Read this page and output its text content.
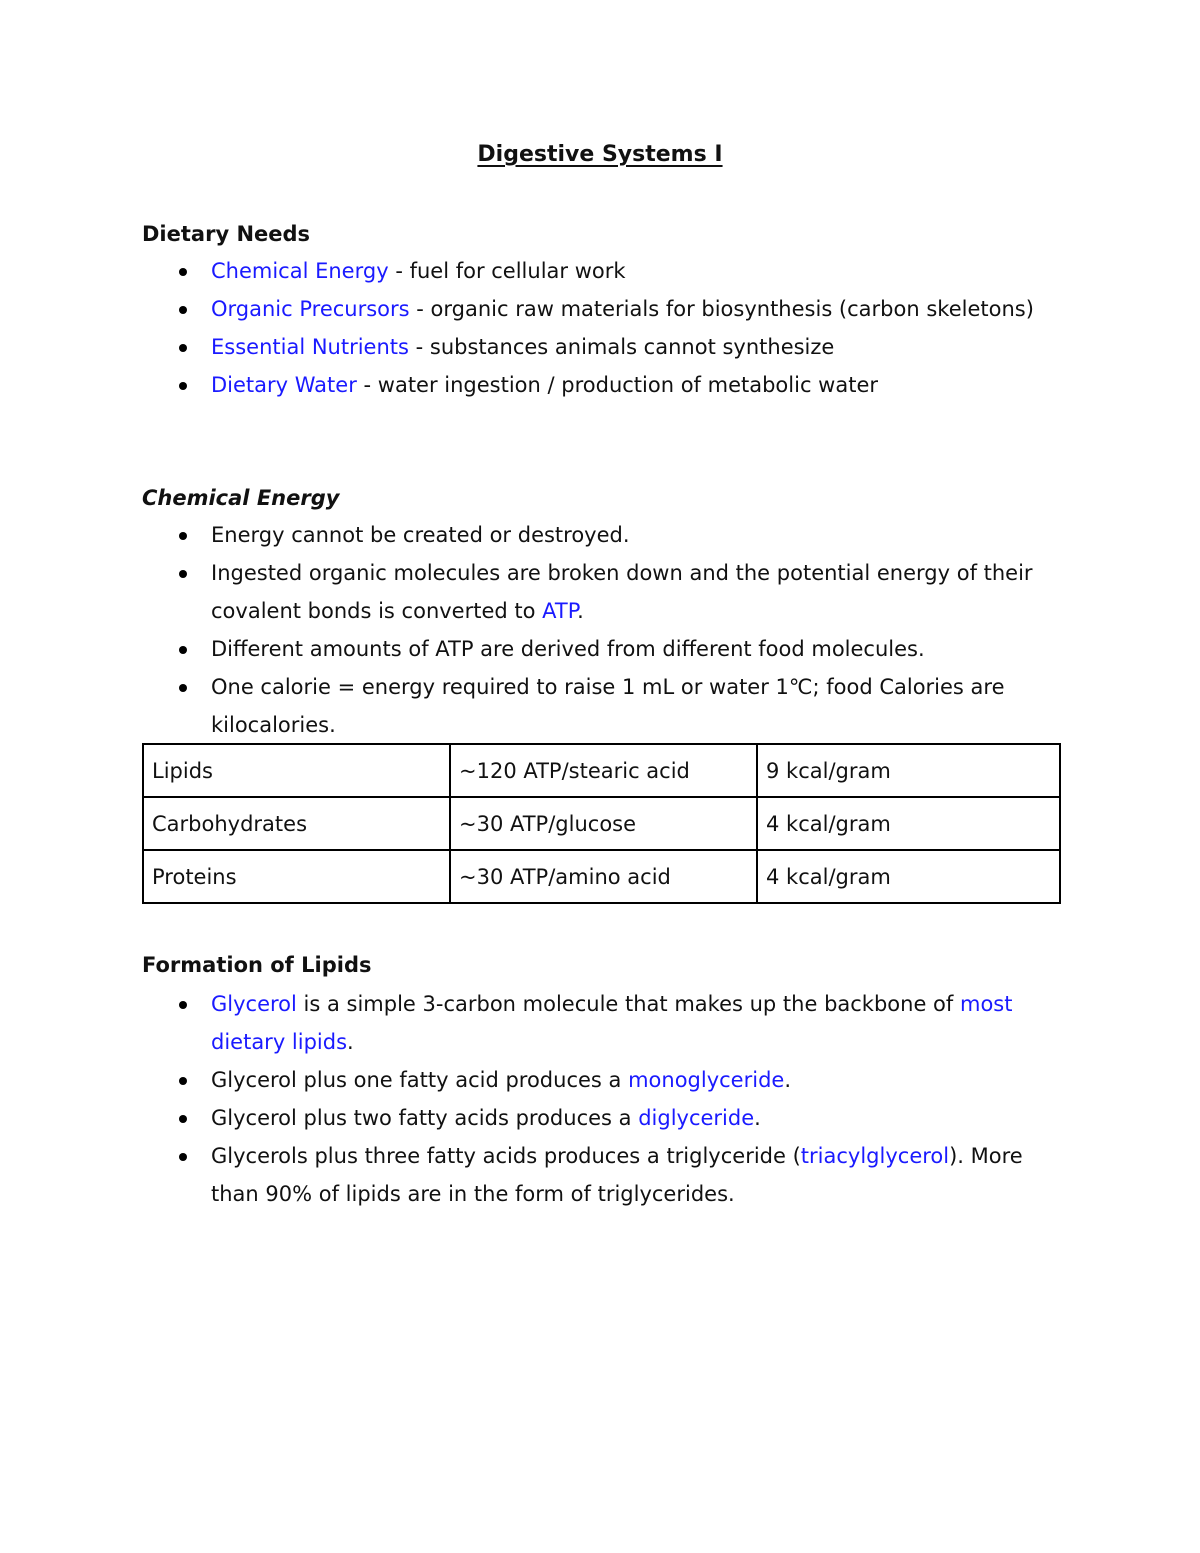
Digestive Systems I
Dietary Needs
Chemical Energy - fuel for cellular work
Organic Precursors - organic raw materials for biosynthesis (carbon skeletons)
Essential Nutrients - substances animals cannot synthesize
Dietary Water - water ingestion / production of metabolic water
Chemical Energy
Energy cannot be created or destroyed.
Ingested organic molecules are broken down and the potential energy of their covalent bonds is converted to ATP.
Different amounts of ATP are derived from different food molecules.
One calorie = energy required to raise 1 mL or water 1℃; food Calories are kilocalories.
Lipids	~120 ATP/stearic acid	9 kcal/gram
Carbohydrates	~30 ATP/glucose	4 kcal/gram
Proteins	~30 ATP/amino acid	4 kcal/gram
Formation of Lipids
Glycerol is a simple 3-carbon molecule that makes up the backbone of most dietary lipids.
Glycerol plus one fatty acid produces a monoglyceride.
Glycerol plus two fatty acids produces a diglyceride.
Glycerols plus three fatty acids produces a triglyceride (triacylglycerol). More than 90% of lipids are in the form of triglycerides.
